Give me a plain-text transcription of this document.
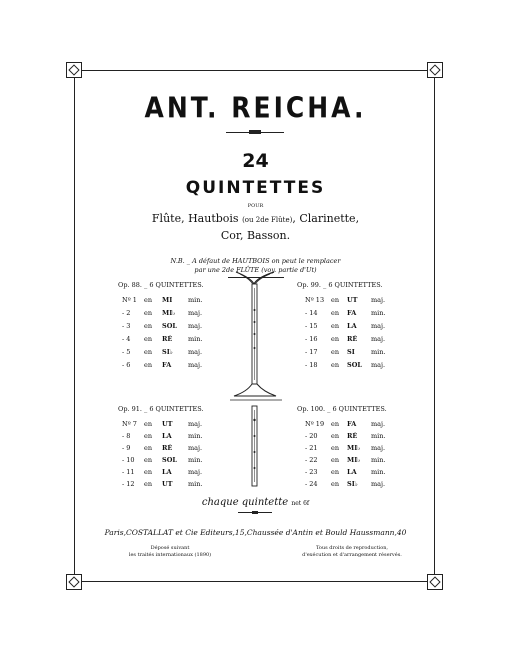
ANT. REICHA.
24
QUINTETTES
POUR
Flûte, Hautbois (ou 2de Flûte), Clarinette,
Cor, Basson.
N.B. _ A défaut de HAUTBOIS on peut le remplacer
par une 2de FLÛTE (voy. partie d'Ut)
Op. 88. _ 6 QUINTETTES.	Op. 99. _ 6 QUINTETTES.
Op. 91. _ 6 QUINTETTES.	Op. 100. _ 6 QUINTETTES.
Nº 1 en MI min.
- 2 en MI♭ maj.
- 3 en SOL maj.
- 4 en RÉ min.
- 5 en SI♭ maj.
- 6 en FA	maj.
Nº 13 en UT maj.
- 14 en FA min.
- 15 en LA maj.
- 16 en RÉ maj.
- 17 en SI	min.
- 18 en SOL maj.
Nº 7 en UT maj.
- 8 en LA	min.
- 9 en RÉ maj.
- 10 en SOL min.
- 11 en LA	maj.
- 12 en UT min.
Nº 19 en FA maj.
- 20 en RÉ min.
- 21 en MI♭ maj.
- 22 en MI♭ min.
- 23 en LA min.
- 24 en SI♭ maj.
chaque quintette net 6f
Paris,COSTALLAT et Cie Editeurs,15,Chaussée d'Antin et Bould Haussmann,40
Déposé suivant
les traités internationaux (1890)
Tous droits de reproduction,
d'exécution et d'arrangement réservés.
